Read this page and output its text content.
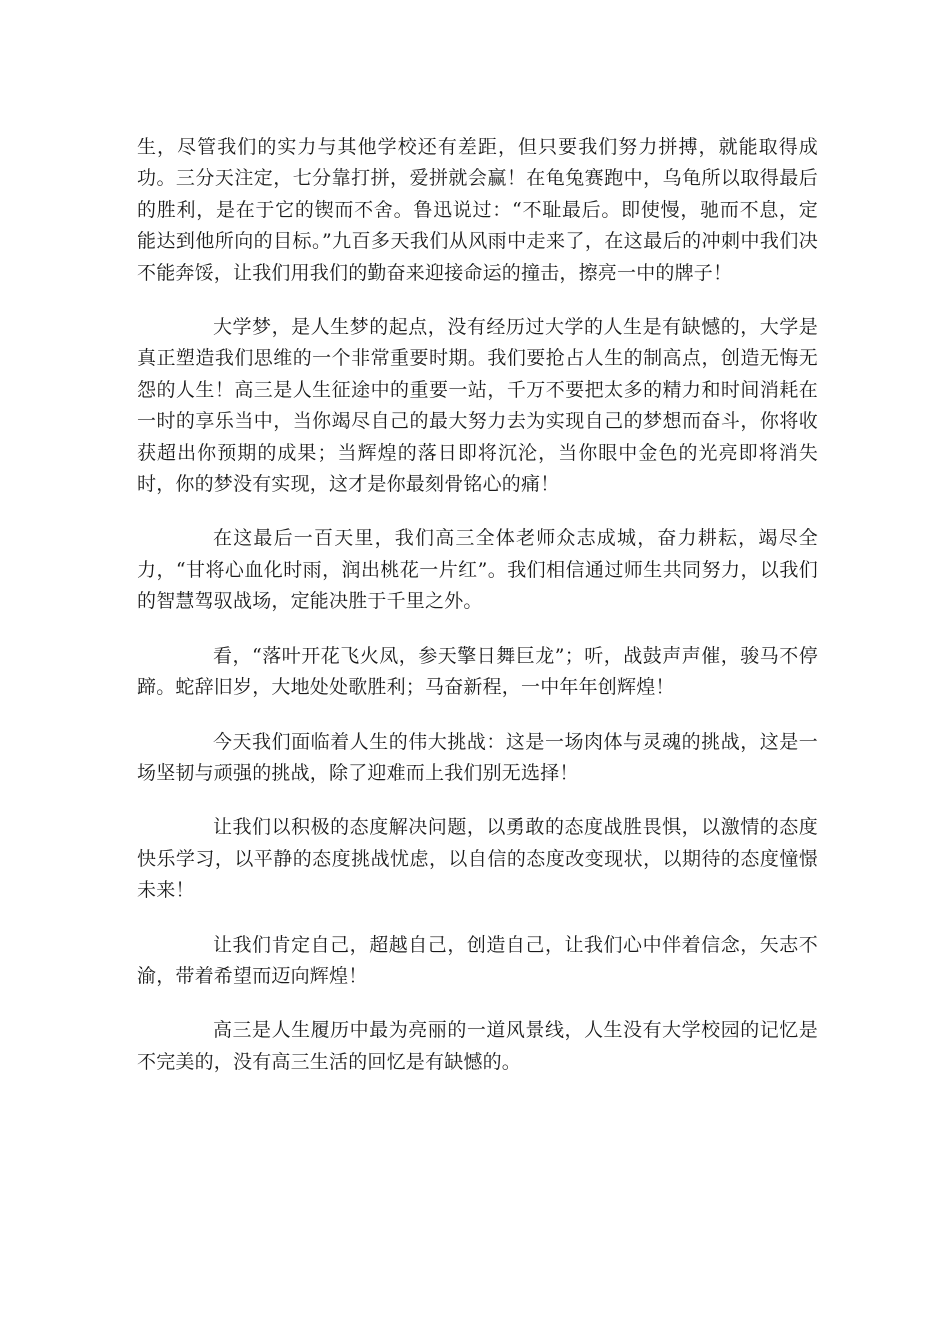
生，尽管我们的实力与其他学校还有差距，但只要我们努力拼搏，就能取得成功。三分天注定，七分靠打拼，爱拼就会赢！在龟兔赛跑中，乌龟所以取得最后的胜利，是在于它的锲而不舍。鲁迅说过：“不耻最后。即使慢，驰而不息，定能达到他所向的目标。”九百多天我们从风雨中走来了，在这最后的冲刺中我们决不能奔馁，让我们用我们的勤奋来迎接命运的撞击，擦亮一中的牌子！

大学梦，是人生梦的起点，没有经历过大学的人生是有缺憾的，大学是真正塑造我们思维的一个非常重要时期。我们要抢占人生的制高点，创造无悔无怨的人生！高三是人生征途中的重要一站，千万不要把太多的精力和时间消耗在一时的享乐当中，当你竭尽自己的最大努力去为实现自己的梦想而奋斗，你将收获超出你预期的成果；当辉煌的落日即将沉沦，当你眼中金色的光亮即将消失时，你的梦没有实现，这才是你最刻骨铭心的痛！

在这最后一百天里，我们高三全体老师众志成城，奋力耕耘，竭尽全力，“甘将心血化时雨，润出桃花一片红”。我们相信通过师生共同努力，以我们的智慧驾驭战场，定能决胜于千里之外。

看，“落叶开花飞火凤，参天擎日舞巨龙”；听，战鼓声声催，骏马不停蹄。蛇辞旧岁，大地处处歌胜利；马奋新程，一中年年创辉煌！

今天我们面临着人生的伟大挑战：这是一场肉体与灵魂的挑战，这是一场坚韧与顽强的挑战，除了迎难而上我们别无选择！

让我们以积极的态度解决问题，以勇敢的态度战胜畏惧，以激情的态度快乐学习，以平静的态度挑战忧虑，以自信的态度改变现状，以期待的态度憧憬未来！

让我们肯定自己，超越自己，创造自己，让我们心中伴着信念，矢志不渝，带着希望而迈向辉煌！

高三是人生履历中最为亮丽的一道风景线，人生没有大学校园的记忆是不完美的，没有高三生活的回忆是有缺憾的。
